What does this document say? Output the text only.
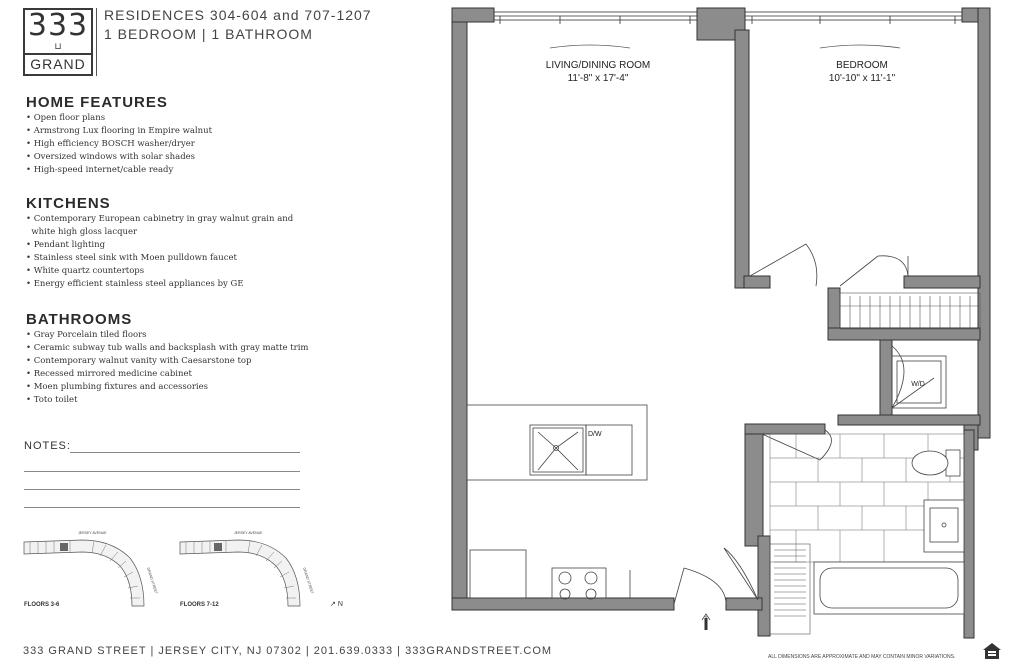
333
⊔
GRAND
RESIDENCES 304-604 and 707-1207
1 BEDROOM | 1 BATHROOM
HOME FEATURES
• Open floor plans
• Armstrong Lux flooring in Empire walnut
• High efficiency BOSCH washer/dryer
• Oversized windows with solar shades
• High-speed internet/cable ready
KITCHENS
• Contemporary European cabinetry in gray walnut grain and
white high gloss lacquer
• Pendant lighting
• Stainless steel sink with Moen pulldown faucet
• White quartz countertops
• Energy efficient stainless steel appliances by GE
BATHROOMS
• Gray Porcelain tiled floors
• Ceramic subway tub walls and backsplash with gray matte trim
• Contemporary walnut vanity with Caesarstone top
• Recessed mirrored medicine cabinet
• Moen plumbing fixtures and accessories
• Toto toilet
NOTES:
JERSEY AVENUE
GRAND STREET
FLOORS 3-6
JERSEY AVENUE
GRAND STREET
FLOORS 7-12	↗ N
LIVING/DINING ROOM
11'-8" x 17'-4"
BEDROOM
10'-10" x 11'-1"
W/D
D/W
333 GRAND STREET | JERSEY CITY, NJ 07302 | 201.639.0333 | 333GRANDSTREET.COM	ALL DIMENSIONS ARE APPROXIMATE AND MAY CONTAIN MINOR VARIATIONS.
